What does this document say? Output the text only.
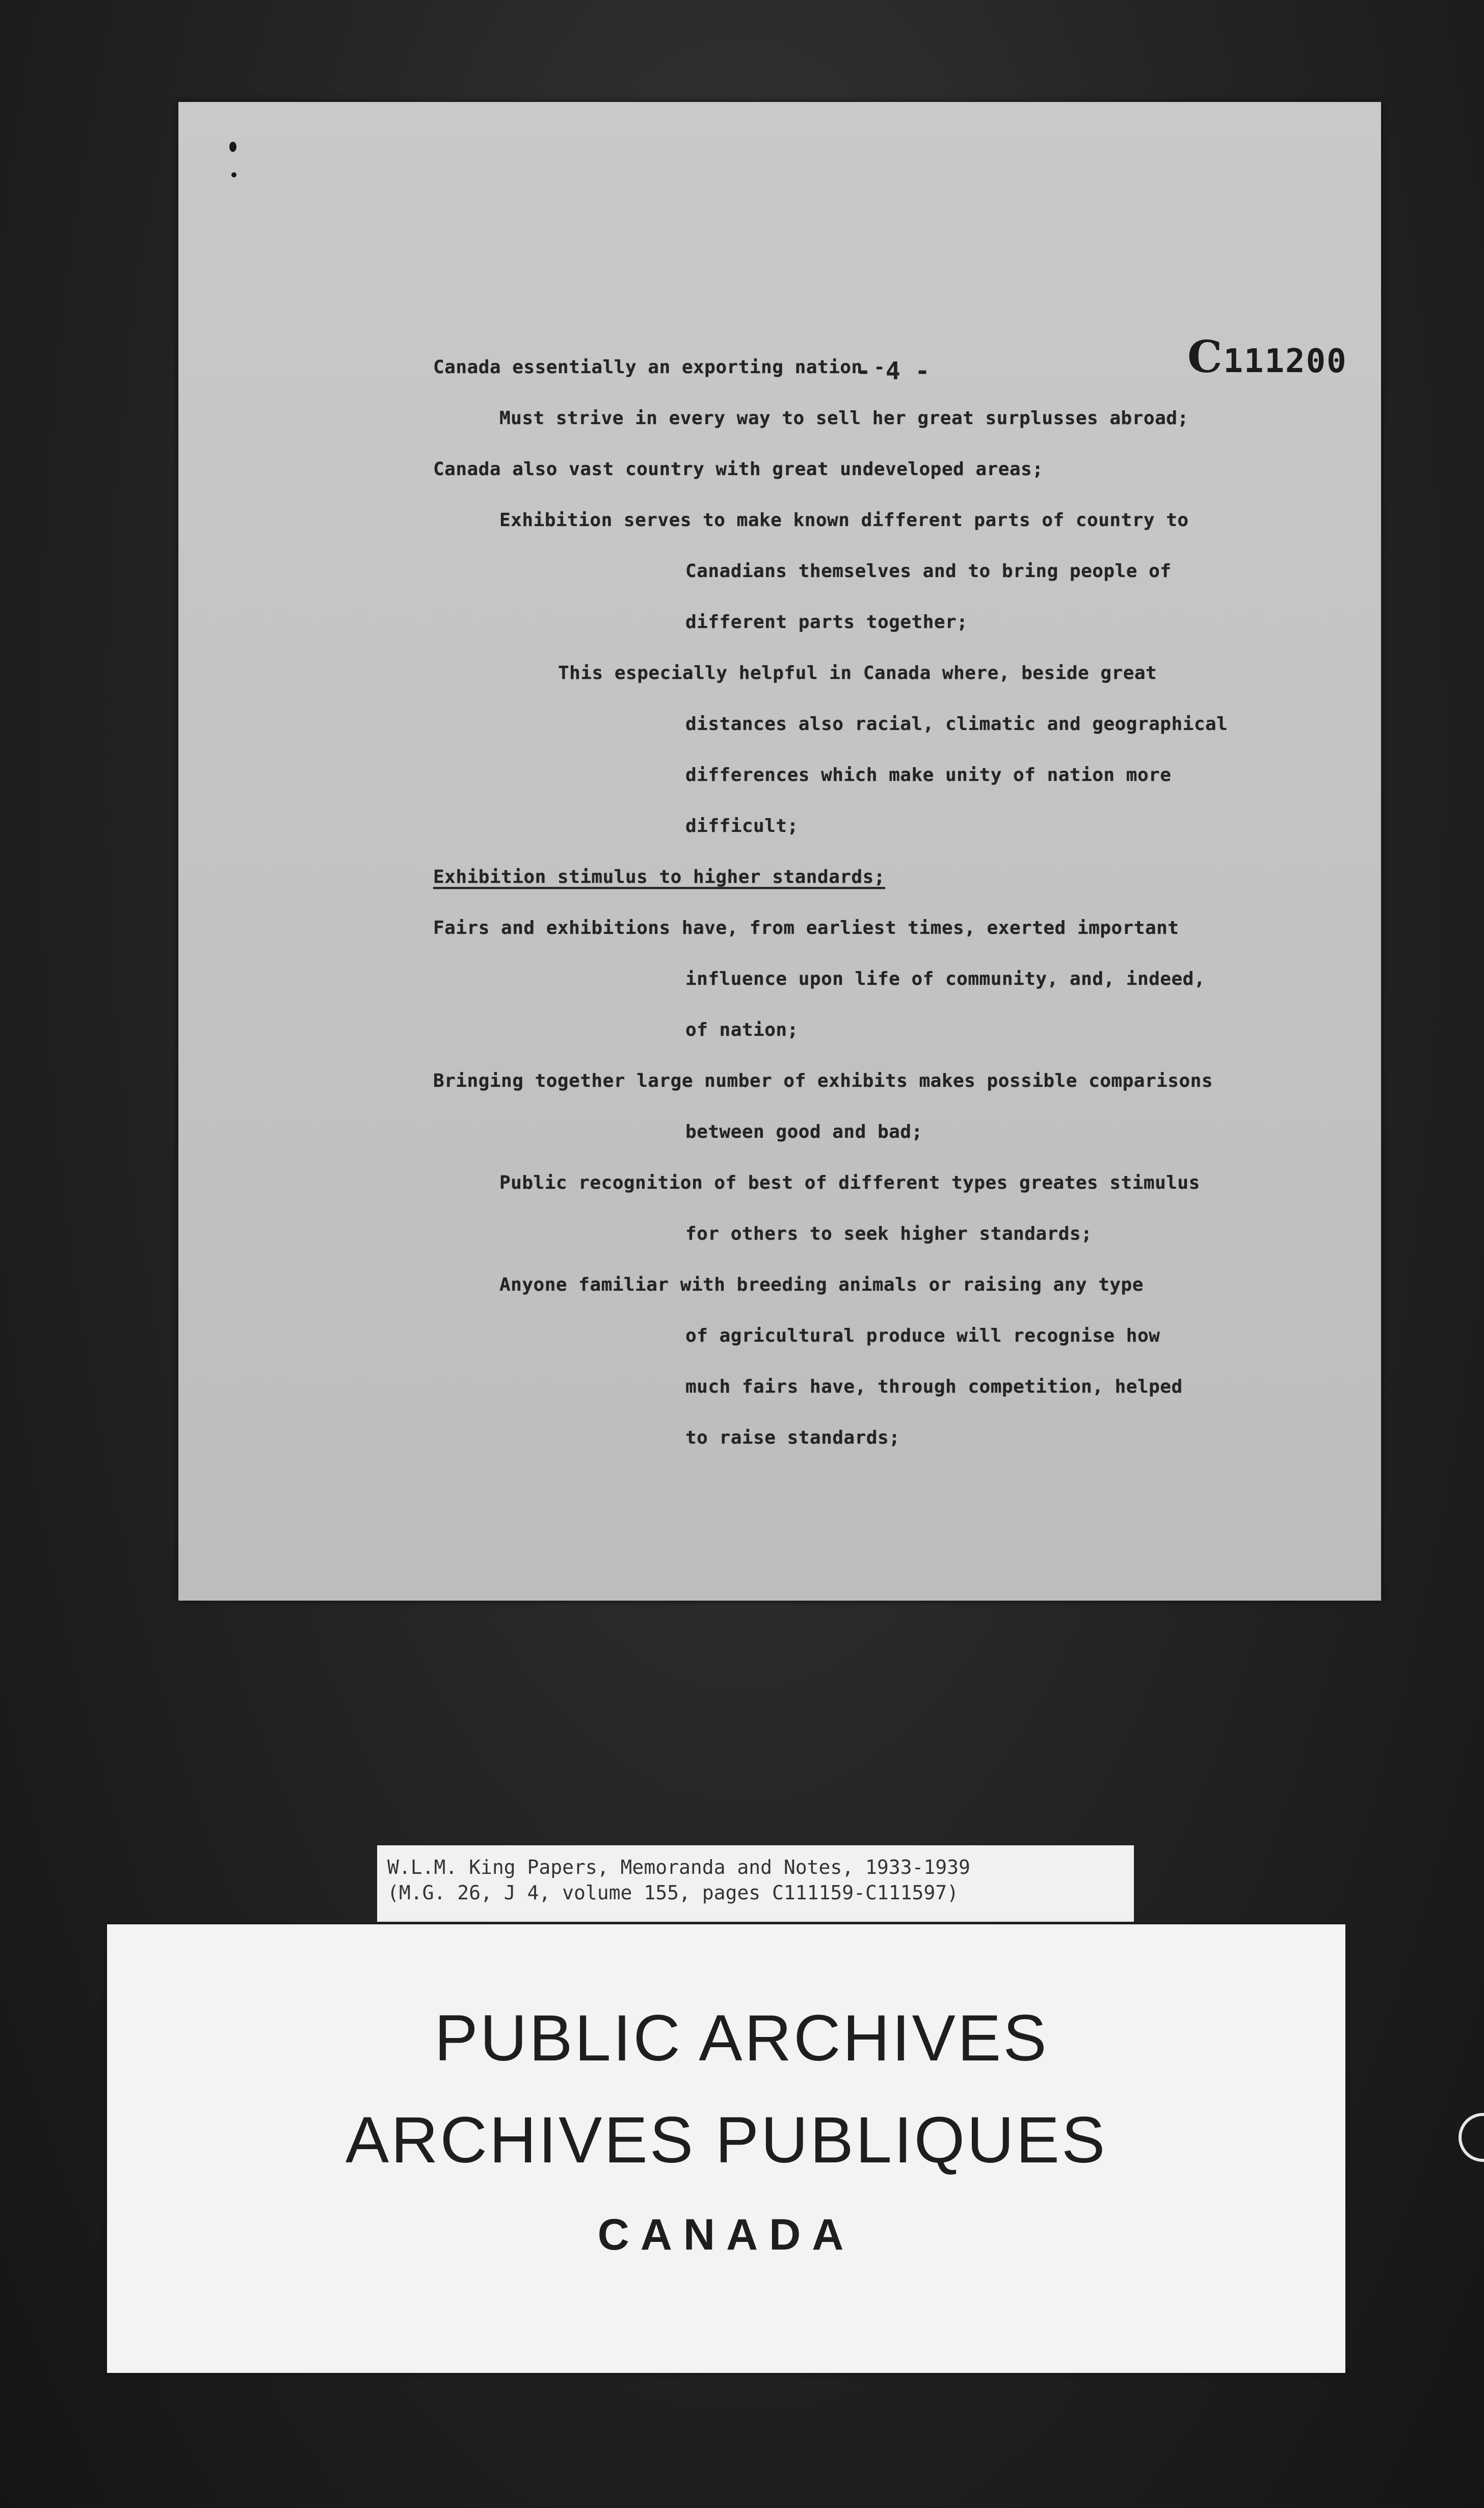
- 4 -	C111200
Canada essentially an exporting nation -
Must strive in every way to sell her great surplusses abroad;
Canada also vast country with great undeveloped areas;
Exhibition serves to make known different parts of country to
Canadians themselves and to bring people of
different parts together;
This especially helpful in Canada where, beside great
distances also racial, climatic and geographical
differences which make unity of nation more
difficult;
Exhibition stimulus to higher standards;
Fairs and exhibitions have, from earliest times, exerted important
influence upon life of community, and, indeed,
of nation;
Bringing together large number of exhibits makes possible comparisons
between good and bad;
Public recognition of best of different types greates stimulus
for others to seek higher standards;
Anyone familiar with breeding animals or raising any type
of agricultural produce will recognise how
much fairs have, through competition, helped
to raise standards;
W.L.M. King Papers, Memoranda and Notes, 1933-1939
(M.G. 26, J 4, volume 155, pages C111159-C111597)
PUBLIC ARCHIVES
ARCHIVES PUBLIQUES
CANADA
